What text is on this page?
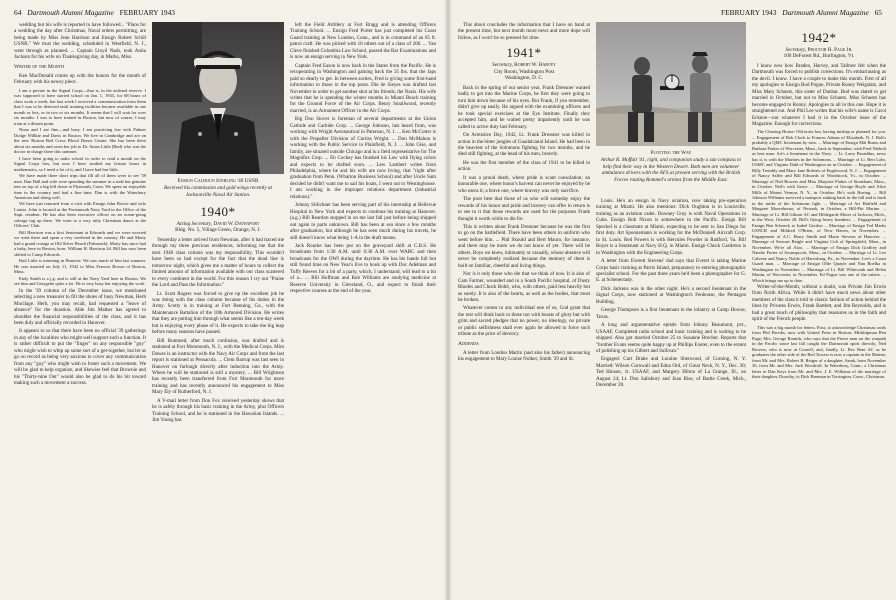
64 Dartmouth Alumni Magazine FEBRUARY 1943

wedding but his wife is reported to have followed... "Plans for a wedding the day after Christmas, Naval orders permitting, are being made by Miss Jean Harrison and Ensign Robert Schill USNR." We trust the wedding, scheduled in Westfield, N. J., went through as planned. ... Captain Lloyd Nash, took Anita Jackson for his wife on Thanksgiving day, in Marks, Miss.

Writer of the Month

Ken MacDonald comes up with the honors for the month of February with his newsy piece.

I am a private in the Signal Corps—that is, in the enlisted reserve. I was supposed to have started school on Jan. 1, 1943, for 68 hours of class work a week; but last week I received a communication from them that I was to be detected until training facilities became available in one month or less, or in two or six months. It seems that I will wait for over six months. I was to have trained in Boston, but now of course, I may train at a distant point.

Nono and I are fine—and busy. I am practicing law with Palmer Dodge Willkie and Davis in Boston. We live in Cambridge and are on the new Boston Red Cross Blood Donor Center. She has been there about six months and owes her job to Dr. Amos Little (Bud) who was the doctor in charge there this summer.

I have been going to radio school in order to read a month on the Signal Corps box, but now I have studied my leisure hours in mathematics, so I need a lot of it, and I have had but little.

We have made three short trips that fill all of them were to see '39 men. Dan Hall and wife were spending the summer in a rude but genuine tent on top of a big hill down at Plymouth, Conn. We spent an enjoyable time in the country and had a fine time. Dan is with the Waterbury American and doing well.

We have just returned from a visit with Ensign John Bowie and wife Louise. John is located at the Portsmouth Navy Yard in the Office of the Supt. resident. He has also been executive officer on an ocean-going salvage tug up there. We went to a very nifty Christmas dance at the Officers' Club.

Bill Harrison was a first lieutenant at Edwards and we were worried we went there and spent a very weekend in the country. He and Marty had a grand cottage at Old Silver Beach (Falmouth). Marty has since had a baby, here in Boston, born. William H. Harrison 2d. Bill has now been shifted to Camp Edwards.

Bud Little is interning in Hanover. We saw much of him last summer. He was married on July 11, 1942 to Miss Frances Brown of Boston, Mass.

Endy Smith is a j.g. and is still at the Navy Yard here in Boston. We see him and Georgette quite a lot. He is very busy but enjoying the work.

In the '39 column of the December issue, we mentioned selecting a new treasurer to fill the shoes of busy Newman, Herb Mucilage. Herb, you may recall, had requested a "leave of absence" for the duration. Able Jim Mather has agreed to shoulder the financial responsibilities of the class, and it has been duly and officially recorded in Hanover.

It appears to us that there have been no official '39 gatherings in any of the localities who might well support such a function. It is rather difficult to put the "finger" on any responsible "guy" who might wish to whip up some sort of a get-together, but let us go on record as being very anxious to cover any communication from any "guy" who might wish to foster such a movement. We will be glad to help organize, and likewise feel that Brownie and his "Thirty-nine Out" would also be glad to do his bit toward making such a movement a success.

Ensign Calhoun Sterling '40 USNR
Received his commission and gold wings recently at Jacksonville Naval Air Station.
1940*
Acting Secretary, David W. Davenport
Bldg. No. 5, Village Green, Orange, N. J.

Yesterday a letter arrived from Newman, after it had traced me through my three previous residences, informing me that the next 1940 class column was my responsibility. This wouldn't have been so bad except for the fact that the dead line is tomorrow night, which gives me a matter of hours to collect the limited amount of information available with our class scattered to every continent in the world. For this reason I cry out "Praise the Lord and Pass the Information."

Lt. Scott Rogers was forced to give up the excellent job he was doing with the class column because of his duties in the Army. Scotty is in training at Fort Benning, Ga., with the Maintenance Battalion of the 10th Armored Division. He writes that they are putting him through what seems like a ten-day week but is enjoying every phase of it. He expects to take the big leap before many seasons have passed.

Bill Bummed, after much confusion, was drafted and is stationed at Fort Monmouth, N. J., with the Medical Corps. Mim Dawes is an instructor with the Navy Air Corps and from the last report is stationed at Pensacola. ... Clem Barrup was last seen in Hanover on furlough directly after induction into the Army. Where he will be stationed is still a mystery. ... Bill Wrightson has recently been transferred from Fort Monmouth for more training and has recently announced his engagement to Miss Mary Ely of Rutherford, N. J.

A V-mail letter from Don Fox received yesterday shows that he is safely through his basic training in the Army, plus Officers Training School, and he is stationed in the Hawaiian Islands. ... Jim Young has

left the Field Artillery at Fort Bragg and is attending Officers Training School. ... Ensign Fred Porter has just completed his Coast Guard training at New London, Conn., and is in command of an 85 ft. patrol craft. He was picked with 10 others out of a class of 200. ... Van Cleve finished Columbia Law School, passed the Bar Examinations and is now an ensign serving in New York.

Captain Fred Eason is now back in the States from the Pacific. He is recuperating in Washington and gaining back the 35 lbs. that the Japs paid so dearly to get. In between sorties, Fred is giving some first-hand information to those in the top posts. Die de Sieyes was drafted last November in order to get another shot at his friends, the Nazis. His wife writes that he is spending the winter months in Miami Beach training for the Ground Force of the Air Corps. Benry Smallwood, recently married, is an Armament Officer in the Air Corps.

Big Don Stover is foreman of several departments at the Union Carbide and Carbide Corp. ... George Johnson, last heard from, was working with Wright Aeronautical in Paterson, N. J. ... Ken McCotter is with the Propeller Division of Curtiss Wright. ... Don McMahon is working with the Public Service in Plainfield, N. J. ... John Gise, and family, are situated outside Chicago and is a field representative for The Magnifux Corp. ... Eb Cockey has finished his Law with flying colors and expects to be drafted soon. ... Lew Lambert writes from Philadelphia, where he and his wife are now living, that "right after graduation from Penn. (Wharton Business School) and after Uncle Sam decided he didn't want me to sail his boats, I went out to Westinghouse. I am working in the improper relations department (industrial relations)."

Johnny Stilichner has been serving part of his internship at Bellevue Hospital in New York and expects to continue his training at Hanover. (a.g.) Bill Reardon stopped in on me last fall just before being shipped out again to parts unknown. Bill has been at sea since a few months after graduation, but although he has seen much during his travels, he still doesn't know what being 1-A in the draft means.

Jack Rourke has been put on the graveyard shift at C.B.S. He broadcasts from 1:30 A.M. until 6:30 A.M. over WABC and then broadcasts for the OWI during the daytime. He has his hands full but still found time on New Year's Eve to hook up with Doc Adelman and Tuffy Reeves for a bit of a party, which, I understand, will lead to a bit of a... ... Bill Hoffman and Bob Williams are studying medicine at Reserve University in Cleveland, O., and expect to finish their respective courses at the end of the year.

FEBRUARY 1943 Dartmouth Alumni Magazine 65

This about concludes the information that I have on hand at the present time, but next month more news and more dope will follow, as I won't be so pressed for time.

1941*
Secretary, Robert W. Harvey
City Room, Washington Post
Washington, D. C.

Back in the spring of our senior year, Frank Dressner wanted badly to get into the Marine Corps, he first they were going to turn him down because of his eyes. But Frank, if you remember, didn't give up easily. He argued with the examining officers and he took special exercises at the Eye Institute. Finally they accepted him, and he waited pretty impatiently until he was called to active duty last February.

On Armistice Day, 1942, Lt. Frank Dressner was killed in action in the bitter jungles of Guadalcanal Island. He had been in the heaviest of the Solomons fighting for two months, and he died still fighting, at the head of his men, bravely.

He was the first member of the class of 1941 to be killed in action.

It was a proud death, where pride is scant consolation; an honorable one, where honor's harvest can never be enjoyed by he who earns it; a brave one, where bravery was only sacrifice.

The poor best that those of us who will someday enjoy the rewards of his honor and pride and bravery can offer in return is to see to it that those rewards are used for the purposes Frank thought it worth while to die for.

This is written about Frank Dressner because he was the first to go on the battlefield. There have been others in uniform who went before him. ... Phil Skould and Bert Mauro, for instance, and there may be more we do not know of yet. There will be others. Boys we knew, intimately or casually, whose absence will never be completely realized because the memory of them is built on familiar, cheerful and living things.

Nor is it only those who die that we think of now. It is also of Cam Farmer, wounded and in a South Pacific hospital, of Dusty Rhodes and Chuck Bolté, who, with others, paid less heavily but as surely. It is also of the hearts, as well as the bodies, that must be broken.

Whatever comes to any individual one of us, God grant that the rest will think back to these not with boasts of glory but with grim and sacred pledges that no power, no ideology, no private or public selfishness shall ever again be allowed to force such tribute as the price of decency.

Addenda

A letter from London Martin (and also his father) announcing his engagement to Mary Louise Nolker, Smith '39 and St.

Plotting the Way
Arthur R. Moffatt '41, right, and companion study a sun compass to help find their way in the Western Desert. Both men are volunteer ambulance drivers with the AFS at present serving with the British Forces routing Rommel's armies from the Middle East.

Louis. He's an ensign in Navy aviation, now taking pre-operation training at Miami. He also mentions: Dick Oughton is in Louisville, training as an aviation cadet. Downey Gray is with Naval Operations in Cuba. Ensign Bob Nixon is somewhere in the Pacific. Ensign Bill Speckel is a classmate at Miami, expecting to be sent to San Diego for first duty. Art Spoonemann is working for the McDonnell Aircraft Corp. in St. Louis. Red Powers is with Hercules Powder in Radford, Va. Bill Boyer is a lieutenant at Navy H.Q. in Miami. Ensign Chuck Castleton is in Washington with the Engineering Corps.

A letter from Everett Stevens' dad says that Everet is taking Marine Corps basic training at Parris Island, preparatory to entering photographic specialist school. For the past three years he'd been a photographer for G. E. at Schenectady.

Dick Jackens was in the other night. He's a second lieutenant in the Signal Corps, now stationed at Washington's Fenhouse, the Pentagon Building.

George Thompson is a first lieutenant in the infantry at Camp Howze, Texas.

A long and argumentative epistle from Johnny Beaumont, pvt., USAAF, Completed radio school and basic training and is waiting to be shipped. Also got married October 25 to Susanne Brecher. Reports that "brother Evans seems quite happy up at Phillips Exeter, even to the extent of polishing up his Gilbert and Sullivan."

Engaged: Curt Drake and Loraine Sherwood, of Corning, N. Y. Married: Wilson Cornwall and Edna Ord, of Great Neck, N. Y., Dec. 30; Ted Hinson, 1t. USAAF, and Margery Hilton of La Grange, Ill., on August 24; Lt. Don Salisbury and Joan Rise, of Battle Creek, Mich., December 28.

1942*
Secretary, Proctor H. Page Jr.
100 DeForest Rd., Burlington, Vt.

I know now how Braden, Harvey, and Tallmer felt when the Dartmouth was forced to publish corrections. It's embarrassing as the devil. I know. I have a couple to make this month. First of all my apologies to Ensign Bud Pogue, Private Ronny Weigstatz, and Miss Mary Schuetz, this sister of Dunbar. Bud was slated to get married in October, but not to Miss Schuetz. Miss Schuetz has become engaged to Ronny. Apologies to all in this one. Hope it is straightened out. And Phil Lee writes that his wife's name is Carol Ecknoe—not whatever I had it in the October issue of the Magazine. Enough for corrections.

The Clearing House: Old notes but, having mishap or planned for you. ... Engagement of Bob Clock to Frances Adams of Elizabeth, N. J. Bob's probably a QMC lieutenant by now. ... Marriage of Ensign Mal Burns and Barbara Parker of Worcester, Mass., back in September, with Fred Niebolt as best man. Art's a lieutenant in the Navy. ... Lt. Larry Broaddus, news has it, is with the Marines in the Solomons. ... Marriage of Lt. Bert Lohr, USMC and Virginia Dahl of Washington on in October. ... Engagement of Billy Trembly and Mary Jane Roberts of Englewood, N. J. ... Engagement of Nancy Saffer and Bill Edwards of Woodstock, Vt., in October. ... Marriage of Ned Bowers and Miss Marjorie Flakes of Stoneham, Mass., in October. Ned's with Grace. ... Marriage of George Boyle and Alice Mills of Mount Vernon, N. Y., in October. He's with Boeing. ... Bill Johnson Williams survived a transport sinking back in the fall and is back in the midst of the Solomons fight. ... Marriage of Art Hatfield and Margaret Moorehouse, of Newark, in October, a Hill-Pitt Marine. ... Marriage of Lt. Bill Gibson AC and Hildegarde Moter of Jackson, Mich., in the West, October 28. Bill's flying heavy bombers. ... Engagement of Ensign Ben Schneck to Isabel Gordon ... Marriage of Ensign Ted Marks USNCR and Mildred O'Brien, of New Haven, in November. ... Engagement of A.C. Harry Smith and Marie Stevens of Hanover. ... Marriage of Stewart Reigle and Virginia Colt of Springfield, Mass., in November. We're all Alox. ... Marriage of Ensign Dick Godfrey and Natalie Porter of Swampscott, Mass., in October. ... Marriage of Lt. Lee Calvene and Nancy Noble of Harrisburg, Pa., in November. Lee's a Coast Guard man. ... Marriage of Ensign Ollie Quayle and Nan Roelka in Washington in November. ... Marriage of Lt. Bill Whitcomb and Helen Martin, of Worcester, in November. Ed Pogue was one of the ushers. ... Which brings me up to date.

Writer-of-the-Month, without a doubt, was Private Jim Erwin from North Africa. While it didn't have much news about other members of the class it told in classic fashion of action behind the lines by Privates Erwin, Frank Bartlett, and Jim Reynolds, and is had a great touch of philosophy that reassures us in the faith and spirit of the French people.

This was a big month for letters. First, to acknowledge Christmas cards from Phil Brooks, now with United Press in Boston; Midshipman Ben Page; Mrs. George Rounds, who says that the Pierce man on the warpath in the Pacific since last fall caught the Dartmouth spirit directly; Ned Bowers, who is now at Cornell; and, finally, Lt. Bev Bent AC as he graduates the other side of the Red Towers is now a captain in the Marine; from Mr. and Mrs. Robert R. Reiger of a daughter, Sarah, born November 30, from Mr. and Mrs. Jack Woodruff. In Waterbury, Conn.; a Christmas letter to Dan Keys from Mr. and Mrs. J. E. Williams of the marriage of their daughter, Dorothy, to Dick Brennan in Torrington, Conn., Christmas
